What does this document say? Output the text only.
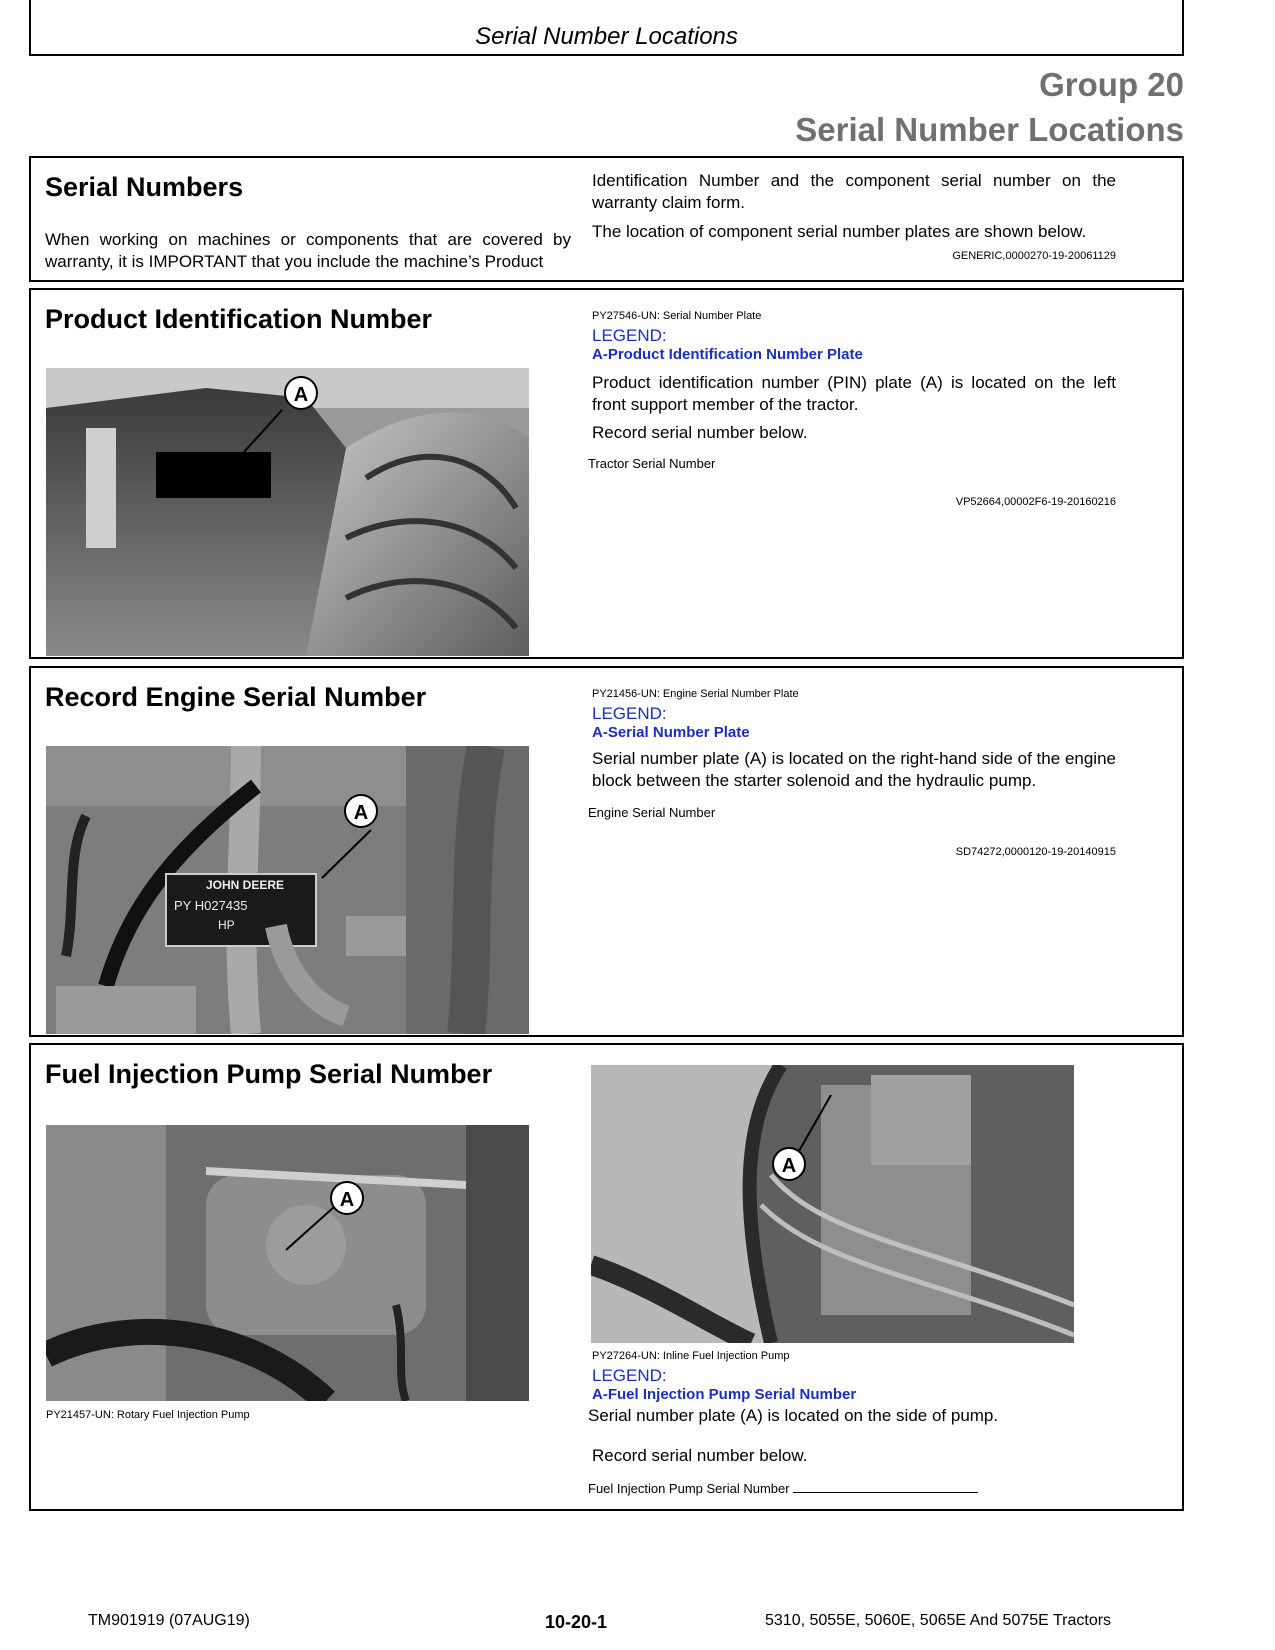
Serial Number Locations
Group 20
Serial Number Locations
Serial Numbers
When working on machines or components that are covered by warranty, it is IMPORTANT that you include the machine’s Product
Identification Number and the component serial number on the warranty claim form.
The location of component serial number plates are shown below.
GENERIC,0000270-19-20061129
Product Identification Number
A
PY27546-UN: Serial Number Plate
LEGEND:
A-Product Identification Number Plate
Product identification number (PIN) plate (A) is located on the left front support member of the tractor.
Record serial number below.
Tractor Serial Number
VP52664,00002F6-19-20160216
Record Engine Serial Number
JOHN DEERE
PY H027435
HP
A
PY21456-UN: Engine Serial Number Plate
LEGEND:
A-Serial Number Plate
Serial number plate (A) is located on the right-hand side of the engine block between the starter solenoid and the hydraulic pump.
Engine Serial Number
SD74272,0000120-19-20140915
Fuel Injection Pump Serial Number
A
PY21457-UN: Rotary Fuel Injection Pump
A
PY27264-UN: Inline Fuel Injection Pump
LEGEND:
A-Fuel Injection Pump Serial Number
Serial number plate (A) is located on the side of pump.
Record serial number below.
Fuel Injection Pump Serial Number
TM901919 (07AUG19)	10-20-1	5310, 5055E, 5060E, 5065E And 5075E Tractors
